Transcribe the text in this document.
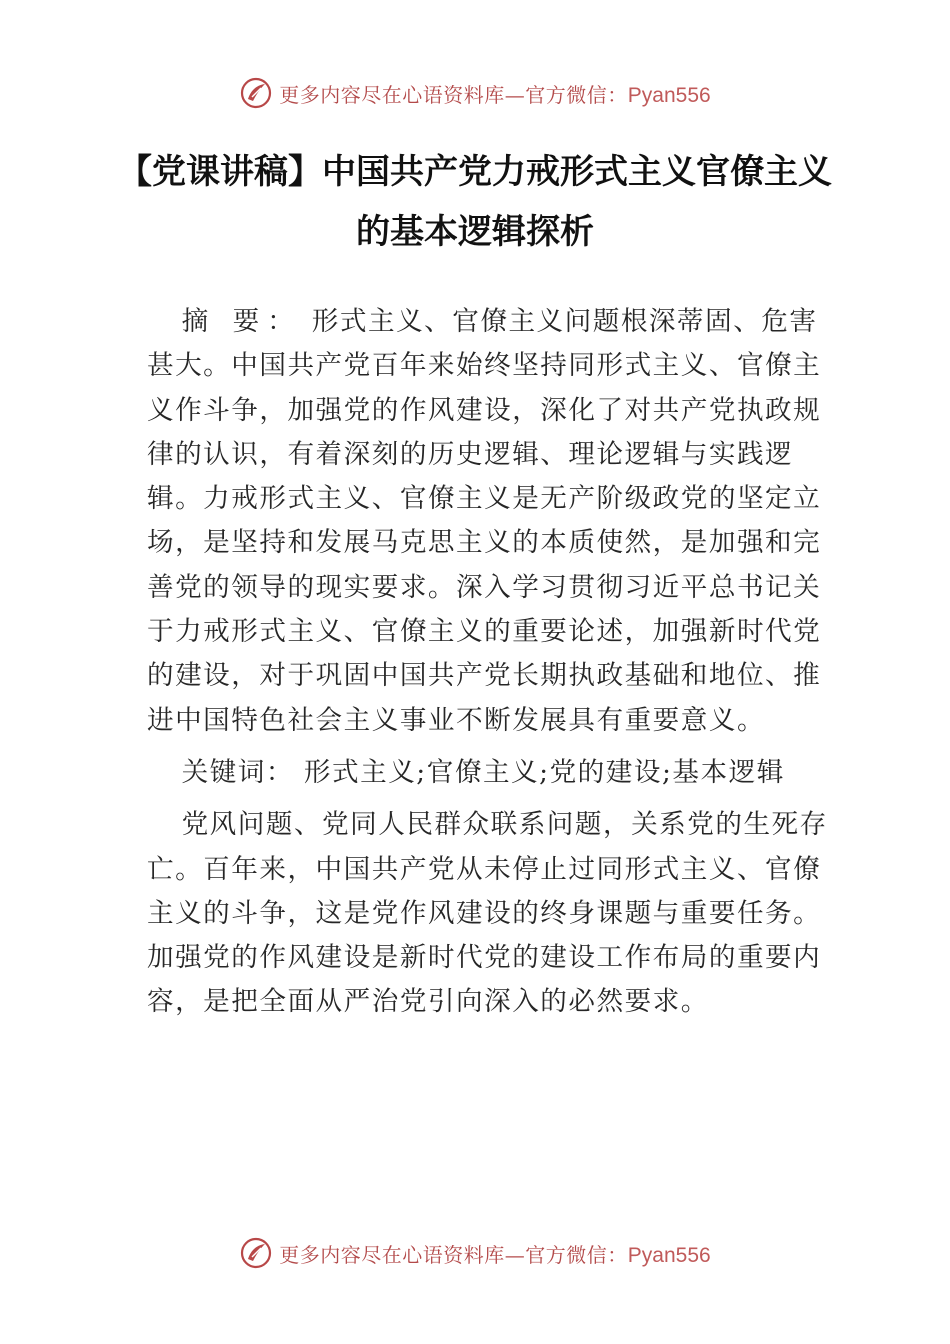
更多内容尽在心语资料库—官方微信：Pyan556
【党课讲稿】中国共产党力戒形式主义官僚主义的基本逻辑探析

摘 要： 形式主义、官僚主义问题根深蒂固、危害甚大。中国共产党百年来始终坚持同形式主义、官僚主义作斗争，加强党的作风建设，深化了对共产党执政规律的认识，有着深刻的历史逻辑、理论逻辑与实践逻辑。力戒形式主义、官僚主义是无产阶级政党的坚定立场，是坚持和发展马克思主义的本质使然，是加强和完善党的领导的现实要求。深入学习贯彻习近平总书记关于力戒形式主义、官僚主义的重要论述，加强新时代党的建设，对于巩固中国共产党长期执政基础和地位、推进中国特色社会主义事业不断发展具有重要意义。

关键词： 形式主义;官僚主义;党的建设;基本逻辑

党风问题、党同人民群众联系问题，关系党的生死存亡。百年来，中国共产党从未停止过同形式主义、官僚主义的斗争，这是党作风建设的终身课题与重要任务。加强党的作风建设是新时代党的建设工作布局的重要内容，是把全面从严治党引向深入的必然要求。

更多内容尽在心语资料库—官方微信：Pyan556
